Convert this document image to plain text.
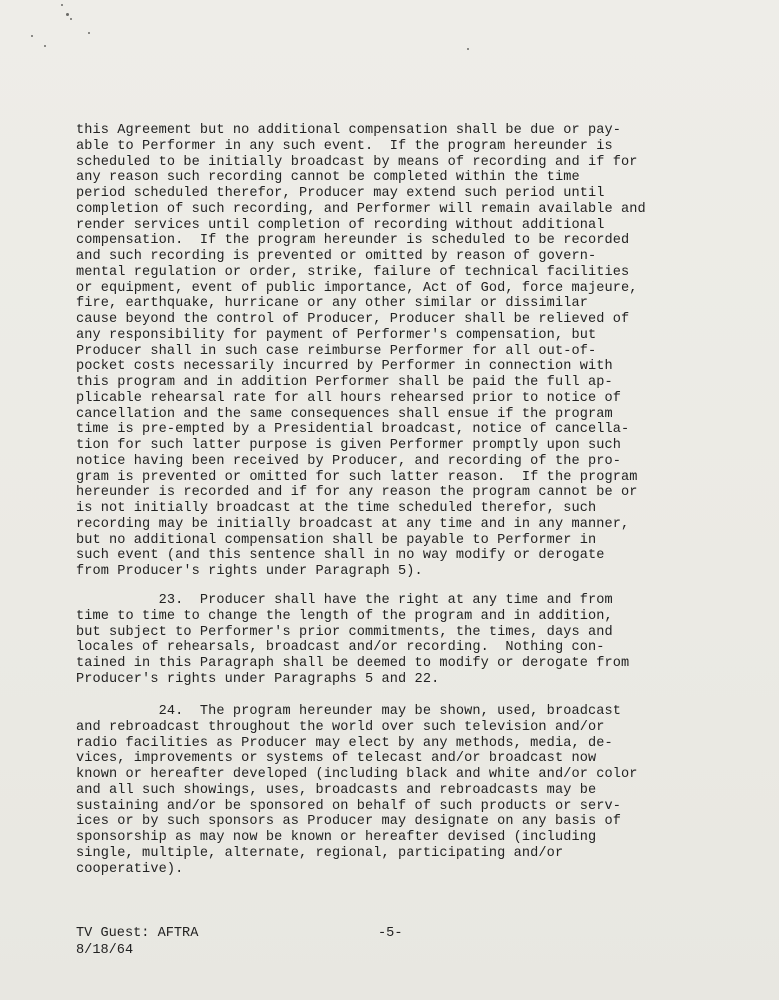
this Agreement but no additional compensation shall be due or pay-
able to Performer in any such event.  If the program hereunder is
scheduled to be initially broadcast by means of recording and if for
any reason such recording cannot be completed within the time
period scheduled therefor, Producer may extend such period until
completion of such recording, and Performer will remain available and
render services until completion of recording without additional
compensation.  If the program hereunder is scheduled to be recorded
and such recording is prevented or omitted by reason of govern-
mental regulation or order, strike, failure of technical facilities
or equipment, event of public importance, Act of God, force majeure,
fire, earthquake, hurricane or any other similar or dissimilar
cause beyond the control of Producer, Producer shall be relieved of
any responsibility for payment of Performer's compensation, but
Producer shall in such case reimburse Performer for all out-of-
pocket costs necessarily incurred by Performer in connection with
this program and in addition Performer shall be paid the full ap-
plicable rehearsal rate for all hours rehearsed prior to notice of
cancellation and the same consequences shall ensue if the program
time is pre-empted by a Presidential broadcast, notice of cancella-
tion for such latter purpose is given Performer promptly upon such
notice having been received by Producer, and recording of the pro-
gram is prevented or omitted for such latter reason.  If the program
hereunder is recorded and if for any reason the program cannot be or
is not initially broadcast at the time scheduled therefor, such
recording may be initially broadcast at any time and in any manner,
but no additional compensation shall be payable to Performer in
such event (and this sentence shall in no way modify or derogate
from Producer's rights under Paragraph 5).
23.  Producer shall have the right at any time and from
time to time to change the length of the program and in addition,
but subject to Performer's prior commitments, the times, days and
locales of rehearsals, broadcast and/or recording.  Nothing con-
tained in this Paragraph shall be deemed to modify or derogate from
Producer's rights under Paragraphs 5 and 22.
24.  The program hereunder may be shown, used, broadcast
and rebroadcast throughout the world over such television and/or
radio facilities as Producer may elect by any methods, media, de-
vices, improvements or systems of telecast and/or broadcast now
known or hereafter developed (including black and white and/or color
and all such showings, uses, broadcasts and rebroadcasts may be
sustaining and/or be sponsored on behalf of such products or serv-
ices or by such sponsors as Producer may designate on any basis of
sponsorship as may now be known or hereafter devised (including
single, multiple, alternate, regional, participating and/or
cooperative).
TV Guest: AFTRA
8/18/64
-5-
